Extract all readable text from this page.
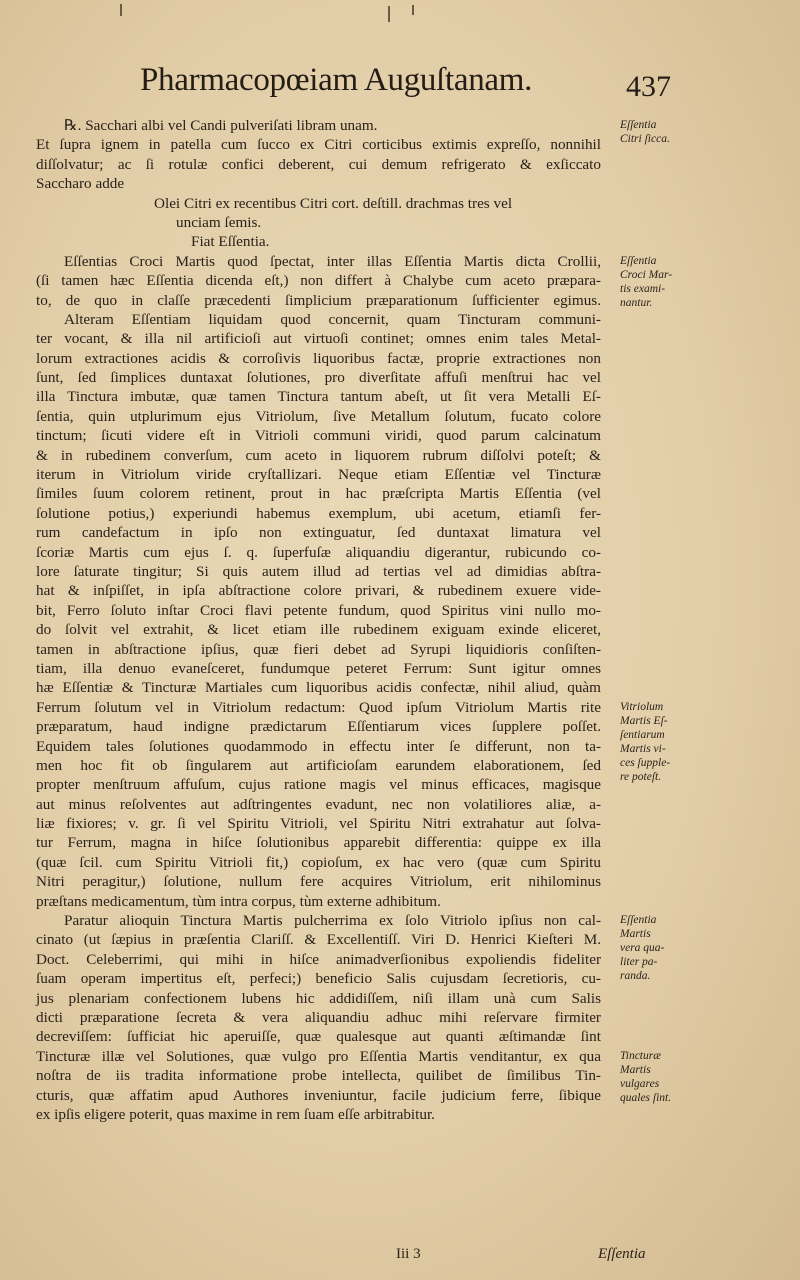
Pharmacopœiam Auguſtanam.	437
℞. Sacchari albi vel Candi pulveriſati libram unam.
Et ſupra ignem in patella cum ſucco ex Citri corticibus extimis expreſſo, nonnihil
diſſolvatur; ac ſi rotulæ confici deberent, cui demum refrigerato & exſiccato
Saccharo adde
Olei Citri ex recentibus Citri cort. deſtill. drachmas tres vel
unciam ſemis.
Fiat Eſſentia.
Eſſentias Croci Martis quod ſpectat, inter illas Eſſentia Martis dicta Crollii,
(ſi tamen hæc Eſſentia dicenda eſt,) non differt à Chalybe cum aceto præpara-
to, de quo in claſſe præcedenti ſimplicium præparationum ſufficienter egimus.
Alteram Eſſentiam liquidam quod concernit, quam Tincturam communi-
ter vocant, & illa nil artificioſi aut virtuoſi continet; omnes enim tales Metal-
lorum extractiones acidis & corroſivis liquoribus factæ, proprie extractiones non
ſunt, ſed ſimplices duntaxat ſolutiones, pro diverſitate affuſi menſtrui hac vel
illa Tinctura imbutæ, quæ tamen Tinctura tantum abeſt, ut ſit vera Metalli Eſ-
ſentia, quin utplurimum ejus Vitriolum, ſive Metallum ſolutum, fucato colore
tinctum; ſicuti videre eſt in Vitrioli communi viridi, quod parum calcinatum
& in rubedinem converſum, cum aceto in liquorem rubrum diſſolvi poteſt; &
iterum in Vitriolum viride cryſtallizari. Neque etiam Eſſentiæ vel Tincturæ
ſimiles ſuum colorem retinent, prout in hac præſcripta Martis Eſſentia (vel
ſolutione potius,) experiundi habemus exemplum, ubi acetum, etiamſi fer-
rum candefactum in ipſo non extinguatur, ſed duntaxat limatura vel
ſcoriæ Martis cum ejus ſ. q. ſuperfuſæ aliquandiu digerantur, rubicundo co-
lore ſaturate tingitur; Si quis autem illud ad tertias vel ad dimidias abſtra-
hat & inſpiſſet, in ipſa abſtractione colore privari, & rubedinem exuere vide-
bit, Ferro ſoluto inſtar Croci flavi petente fundum, quod Spiritus vini nullo mo-
do ſolvit vel extrahit, & licet etiam ille rubedinem exiguam exinde eliceret,
tamen in abſtractione ipſius, quæ fieri debet ad Syrupi liquidioris conſiſten-
tiam, illa denuo evaneſceret, fundumque peteret Ferrum: Sunt igitur omnes
hæ Eſſentiæ & Tincturæ Martiales cum liquoribus acidis confectæ, nihil aliud, quàm
Ferrum ſolutum vel in Vitriolum redactum: Quod ipſum Vitriolum Martis rite
præparatum, haud indigne prædictarum Eſſentiarum vices ſupplere poſſet.
Equidem tales ſolutiones quodammodo in effectu inter ſe differunt, non ta-
men hoc fit ob ſingularem aut artificioſam earundem elaborationem, ſed
propter menſtruum affuſum, cujus ratione magis vel minus efficaces, magisque
aut minus reſolventes aut adſtringentes evadunt, nec non volatiliores aliæ, a-
liæ fixiores; v. gr. ſi vel Spiritu Vitrioli, vel Spiritu Nitri extrahatur aut ſolva-
tur Ferrum, magna in hiſce ſolutionibus apparebit differentia: quippe ex illa
(quæ ſcil. cum Spiritu Vitrioli fit,) copioſum, ex hac vero (quæ cum Spiritu
Nitri peragitur,) ſolutione, nullum fere acquires Vitriolum, erit nihilominus
præſtans medicamentum, tùm intra corpus, tùm externe adhibitum.
Paratur alioquin Tinctura Martis pulcherrima ex ſolo Vitriolo ipſius non cal-
cinato (ut ſæpius in præſentia Clariſſ. & Excellentiſſ. Viri D. Henrici Kieſteri M.
Doct. Celeberrimi, qui mihi in hiſce animadverſionibus expoliendis fideliter
ſuam operam impertitus eſt, perfeci;) beneficio Salis cujusdam ſecretioris, cu-
jus plenariam confectionem lubens hic addidiſſem, niſi illam unà cum Salis
dicti præparatione ſecreta & vera aliquandiu adhuc mihi reſervare firmiter
decreviſſem: ſufficiat hic aperuiſſe, quæ qualesque aut quanti æſtimandæ ſint
Tincturæ illæ vel Solutiones, quæ vulgo pro Eſſentia Martis venditantur, ex qua
noſtra de iis tradita informatione probe intellecta, quilibet de ſimilibus Tin-
cturis, quæ affatim apud Authores inveniuntur, facile judicium ferre, ſibique
ex ipſis eligere poterit, quas maxime in rem ſuam eſſe arbitrabitur.
Eſſentia
Citri ſicca.
Eſſentia
Croci Mar-
tis exami-
nantur.
Vitriolum
Martis Eſ-
ſentiarum
Martis vi-
ces ſupple-
re poteſt.
Eſſentia
Martis
vera qua-
liter pa-
randa.
Tincturæ
Martis
vulgares
quales ſint.
Iii 3	Eſſentia
